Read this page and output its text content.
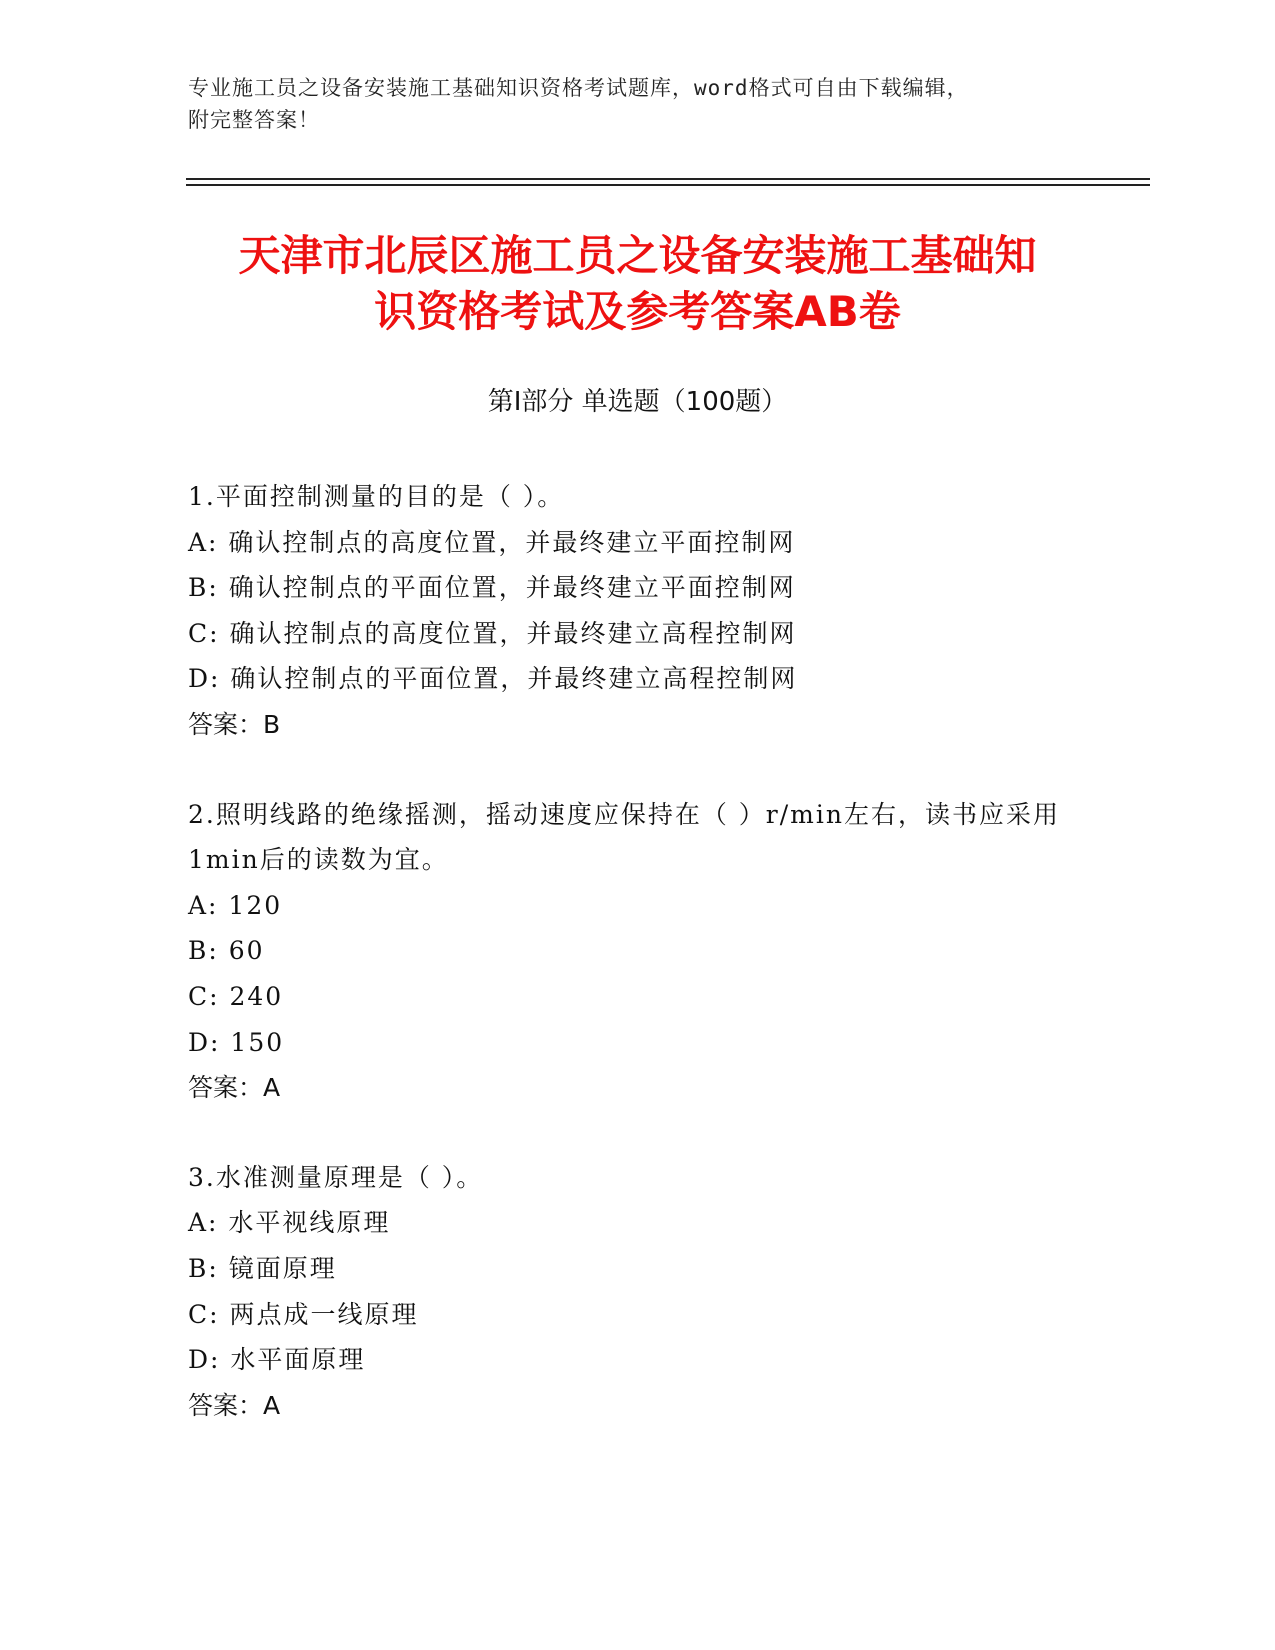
专业施工员之设备安装施工基础知识资格考试题库，word格式可自由下载编辑，
附完整答案！
天津市北辰区施工员之设备安装施工基础知
识资格考试及参考答案AB卷
第I部分 单选题（100题）
1.平面控制测量的目的是（ ）。
A: 确认控制点的高度位置，并最终建立平面控制网
B: 确认控制点的平面位置，并最终建立平面控制网
C: 确认控制点的高度位置，并最终建立高程控制网
D: 确认控制点的平面位置，并最终建立高程控制网
答案：B
2.照明线路的绝缘摇测，摇动速度应保持在（ ）r/min左右，读书应采用1min后的读数为宜。
A: 120
B: 60
C: 240
D: 150
答案：A
3.水准测量原理是（ ）。
A: 水平视线原理
B: 镜面原理
C: 两点成一线原理
D: 水平面原理
答案：A
